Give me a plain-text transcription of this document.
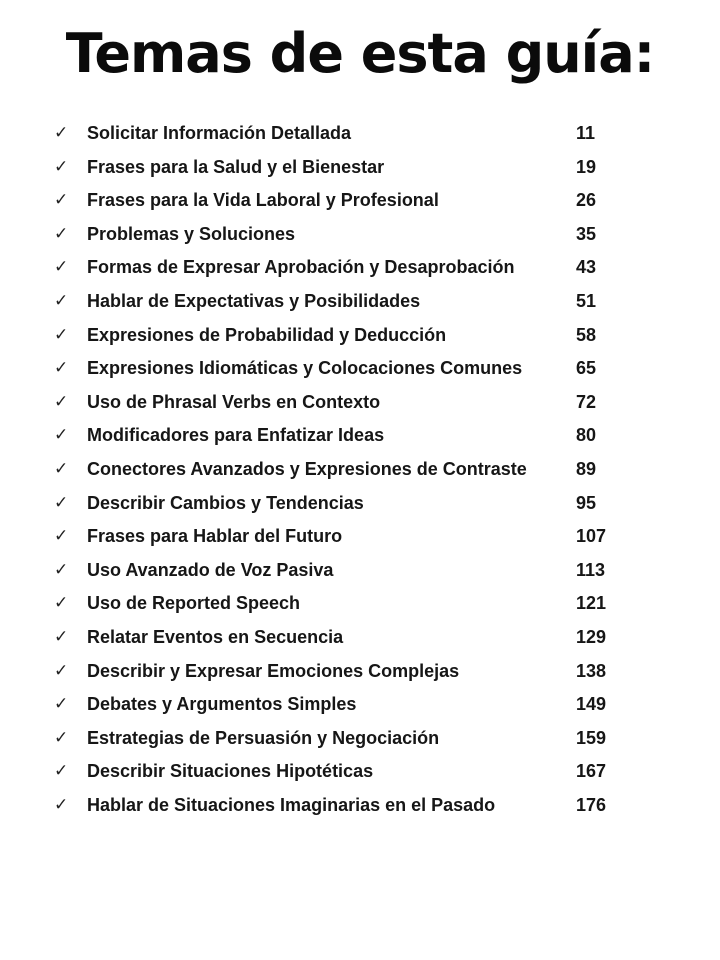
Temas de esta guía:
✓ Solicitar Información Detallada	11
✓ Frases para la Salud y el Bienestar	19
✓ Frases para la Vida Laboral y Profesional	26
✓ Problemas y Soluciones	35
✓ Formas de Expresar Aprobación y Desaprobación	43
✓ Hablar de Expectativas y Posibilidades	51
✓ Expresiones de Probabilidad y Deducción	58
✓ Expresiones Idiomáticas y Colocaciones Comunes	65
✓ Uso de Phrasal Verbs en Contexto	72
✓ Modificadores para Enfatizar Ideas	80
✓ Conectores Avanzados y Expresiones de Contraste	89
✓ Describir Cambios y Tendencias	95
✓ Frases para Hablar del Futuro	107
✓ Uso Avanzado de Voz Pasiva	113
✓ Uso de Reported Speech	121
✓ Relatar Eventos en Secuencia	129
✓ Describir y Expresar Emociones Complejas	138
✓ Debates y Argumentos Simples	149
✓ Estrategias de Persuasión y Negociación	159
✓ Describir Situaciones Hipotéticas	167
✓ Hablar de Situaciones Imaginarias en el Pasado	176
